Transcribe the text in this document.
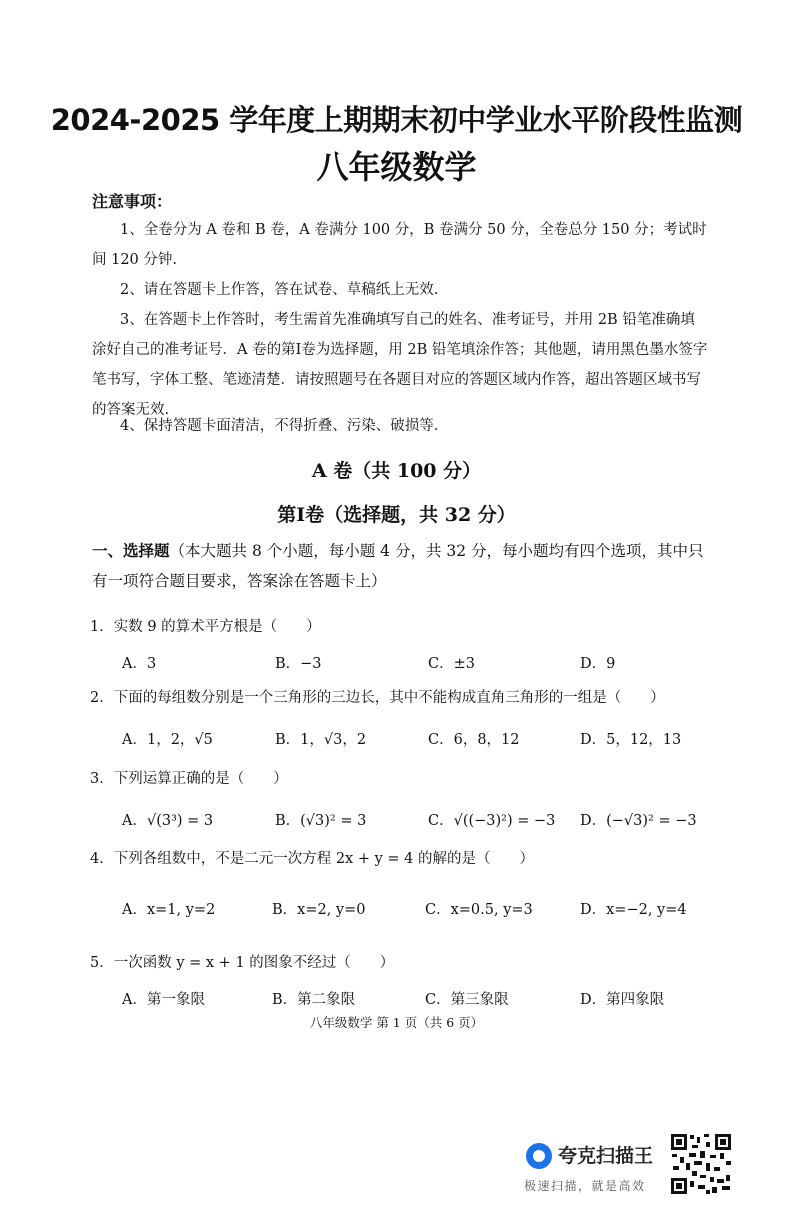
2024-2025 学年度上期期末初中学业水平阶段性监测
八年级数学
注意事项：
1、全卷分为 A 卷和 B 卷，A 卷满分 100 分，B 卷满分 50 分，全卷总分 150 分；考试时间 120 分钟.
2、请在答题卡上作答，答在试卷、草稿纸上无效.
3、在答题卡上作答时，考生需首先准确填写自己的姓名、准考证号，并用 2B 铅笔准确填涂好自己的准考证号．A 卷的第Ⅰ卷为选择题，用 2B 铅笔填涂作答；其他题，请用黑色墨水签字笔书写，字体工整、笔迹清楚．请按照题号在各题目对应的答题区域内作答，超出答题区域书写的答案无效.
4、保持答题卡面清洁，不得折叠、污染、破损等.
A 卷（共 100 分）
第Ⅰ卷（选择题，共 32 分）
一、选择题（本大题共 8 个小题，每小题 4 分，共 32 分，每小题均有四个选项，其中只有一项符合题目要求，答案涂在答题卡上）
1．实数 9 的算术平方根是（　　）
A．3	B．−3	C．±3	D．9
2．下面的每组数分别是一个三角形的三边长，其中不能构成直角三角形的一组是（　　）
A．1，2，√5	B．1，√3，2	C．6，8，12	D．5，12，13
3．下列运算正确的是（　　）
A．√(3³) = 3	B．(√3)² = 3	C．√((−3)²) = −3 D．(−√3)² = −3
4．下列各组数中，不是二元一次方程 2x + y = 4 的解的是（　　）
A．x=1, y=2	B．x=2, y=0	C．x=0.5, y=3	D．x=−2, y=4
5．一次函数 y = x + 1 的图象不经过（　　）
A．第一象限	B．第二象限	C．第三象限	D．第四象限
八年级数学 第 1 页（共 6 页）
夸克扫描王
极速扫描，就是高效
